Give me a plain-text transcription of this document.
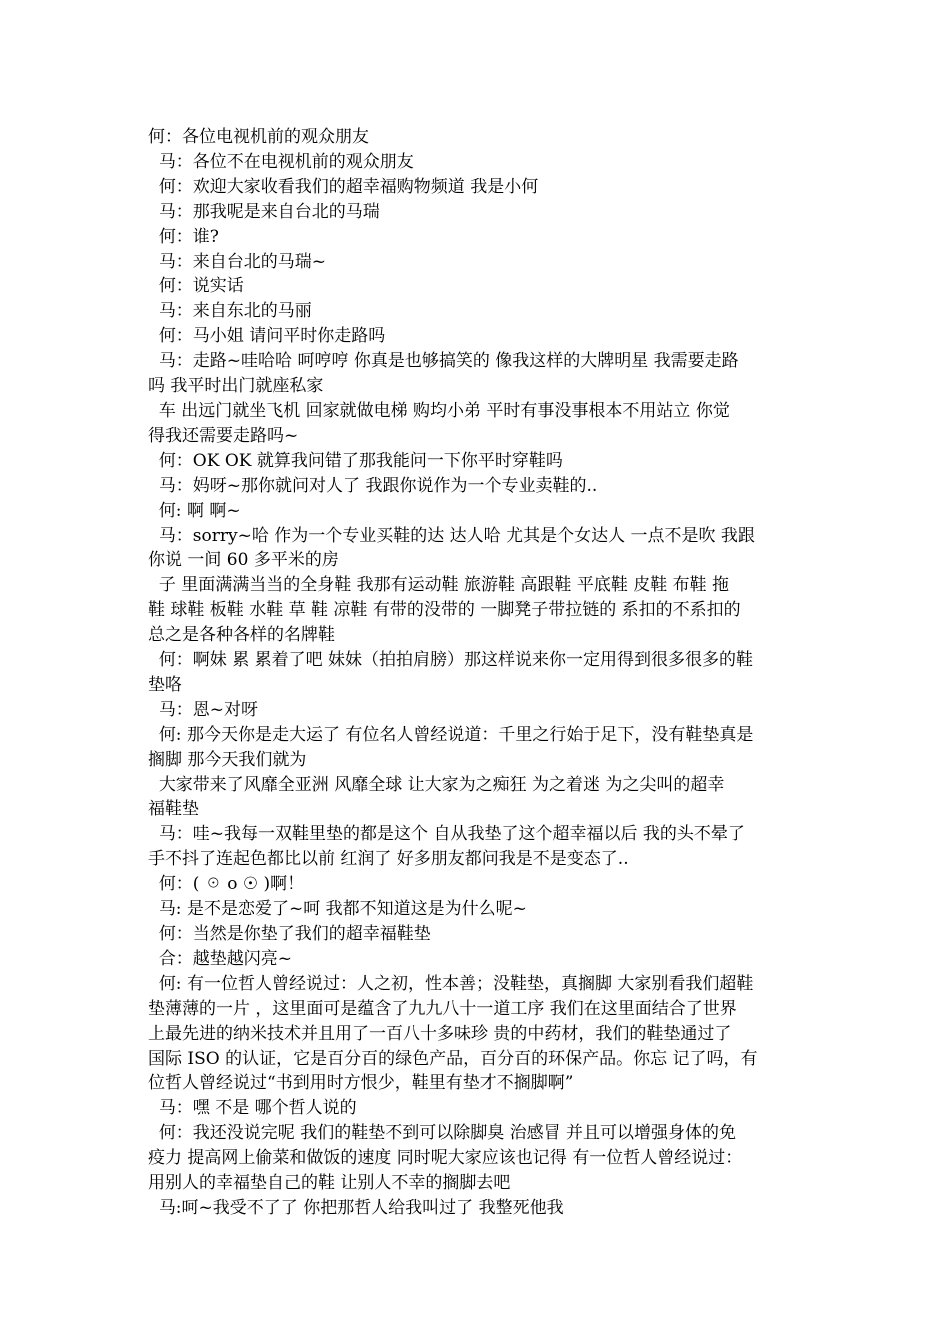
何：各位电视机前的观众朋友
马：各位不在电视机前的观众朋友
何：欢迎大家收看我们的超幸福购物频道 我是小何
马：那我呢是来自台北的马瑞
何：谁?
马：来自台北的马瑞~
何：说实话
马：来自东北的马丽
何：马小姐 请问平时你走路吗
马：走路~哇哈哈 呵哼哼 你真是也够搞笑的 像我这样的大牌明星 我需要走路
吗 我平时出门就座私家
车 出远门就坐飞机 回家就做电梯 购均小弟 平时有事没事根本不用站立 你觉
得我还需要走路吗~
何：OK OK 就算我问错了那我能问一下你平时穿鞋吗
马：妈呀~那你就问对人了 我跟你说作为一个专业卖鞋的..
何: 啊 啊~
马：sorry~哈 作为一个专业买鞋的达 达人哈 尤其是个女达人 一点不是吹 我跟
你说 一间 60 多平米的房
子 里面满满当当的全身鞋 我那有运动鞋 旅游鞋 高跟鞋 平底鞋 皮鞋 布鞋 拖
鞋 球鞋 板鞋 水鞋 草 鞋 凉鞋 有带的没带的 一脚凳子带拉链的 系扣的不系扣的
总之是各种各样的名牌鞋
何：啊妹 累 累着了吧 妹妹（拍拍肩膀）那这样说来你一定用得到很多很多的鞋
垫咯
马：恩~对呀
何: 那今天你是走大运了 有位名人曾经说道：千里之行始于足下，没有鞋垫真是
搁脚 那今天我们就为
大家带来了风靡全亚洲 风靡全球 让大家为之痴狂 为之着迷 为之尖叫的超幸
福鞋垫
马：哇~我每一双鞋里垫的都是这个 自从我垫了这个超幸福以后 我的头不晕了
手不抖了连起色都比以前 红润了 好多朋友都问我是不是变态了..
何：( ☉ o ☉ )啊！
马: 是不是恋爱了~呵 我都不知道这是为什么呢~
何：当然是你垫了我们的超幸福鞋垫
合：越垫越闪亮~
何: 有一位哲人曾经说过：人之初，性本善；没鞋垫，真搁脚 大家别看我们超鞋
垫薄薄的一片 ，这里面可是蕴含了九九八十一道工序 我们在这里面结合了世界
上最先进的纳米技术并且用了一百八十多味珍 贵的中药材，我们的鞋垫通过了
国际 ISO 的认证，它是百分百的绿色产品，百分百的环保产品。你忘 记了吗，有
位哲人曾经说过“书到用时方恨少，鞋里有垫才不搁脚啊”
马：嘿 不是 哪个哲人说的
何：我还没说完呢 我们的鞋垫不到可以除脚臭 治感冒 并且可以增强身体的免
疫力 提高网上偷菜和做饭的速度 同时呢大家应该也记得 有一位哲人曾经说过：
用别人的幸福垫自己的鞋 让别人不幸的搁脚去吧
马:呵~我受不了了 你把那哲人给我叫过了 我整死他我
